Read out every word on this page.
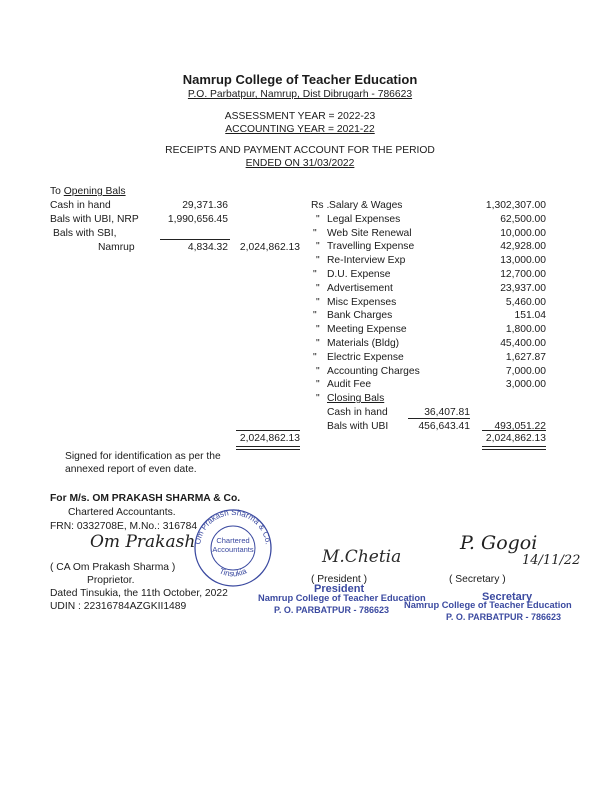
Namrup College of Teacher Education
P.O. Parbatpur, Namrup, Dist Dibrugarh - 786623
ASSESSMENT YEAR = 2022-23
ACCOUNTING YEAR = 2021-22
RECEIPTS AND PAYMENT ACCOUNT FOR THE PERIOD
ENDED ON 31/03/2022
To Opening Bals
Cash in hand	29,371.36
Bals with UBI, NRP	1,990,656.45
Bals with SBI,
Namrup	4,834.32	2,024,862.13
2,024,862.13
Rs . Salary & Wages	1,302,307.00
" Legal Expenses	62,500.00
" Web Site Renewal	10,000.00
" Travelling Expense	42,928.00
" Re-Interview Exp	13,000.00
" D.U. Expense	12,700.00
" Advertisement	23,937.00
" Misc Expenses	5,460.00
" Bank Charges	151.04
" Meeting Expense	1,800.00
" Materials (Bldg)	45,400.00
" Electric Expense	1,627.87
" Accounting Charges	7,000.00
" Audit Fee	3,000.00
" Closing Bals
Cash in hand	36,407.81
Bals with UBI	456,643.41	493,051.22
2,024,862.13
Signed for identification as per the
annexed report of even date.
For M/s. OM PRAKASH SHARMA & Co.
Chartered Accountants.
FRN: 0332708E, M.No.: 316784
Om Prakash
( CA Om Prakash Sharma )
Proprietor.
Dated Tinsukia, the 11th October, 2022
UDIN : 22316784AZGKII1489
Om Prakash Sharma & Co.
Tinsukia
Chartered Accountants	M.Chetia
( President )
President
Namrup College of Teacher Education
P. O. PARBATPUR - 786623
P. Gogoi
14/11/22
( Secretary )
Secretary
Namrup College of Teacher Education
P. O. PARBATPUR - 786623
